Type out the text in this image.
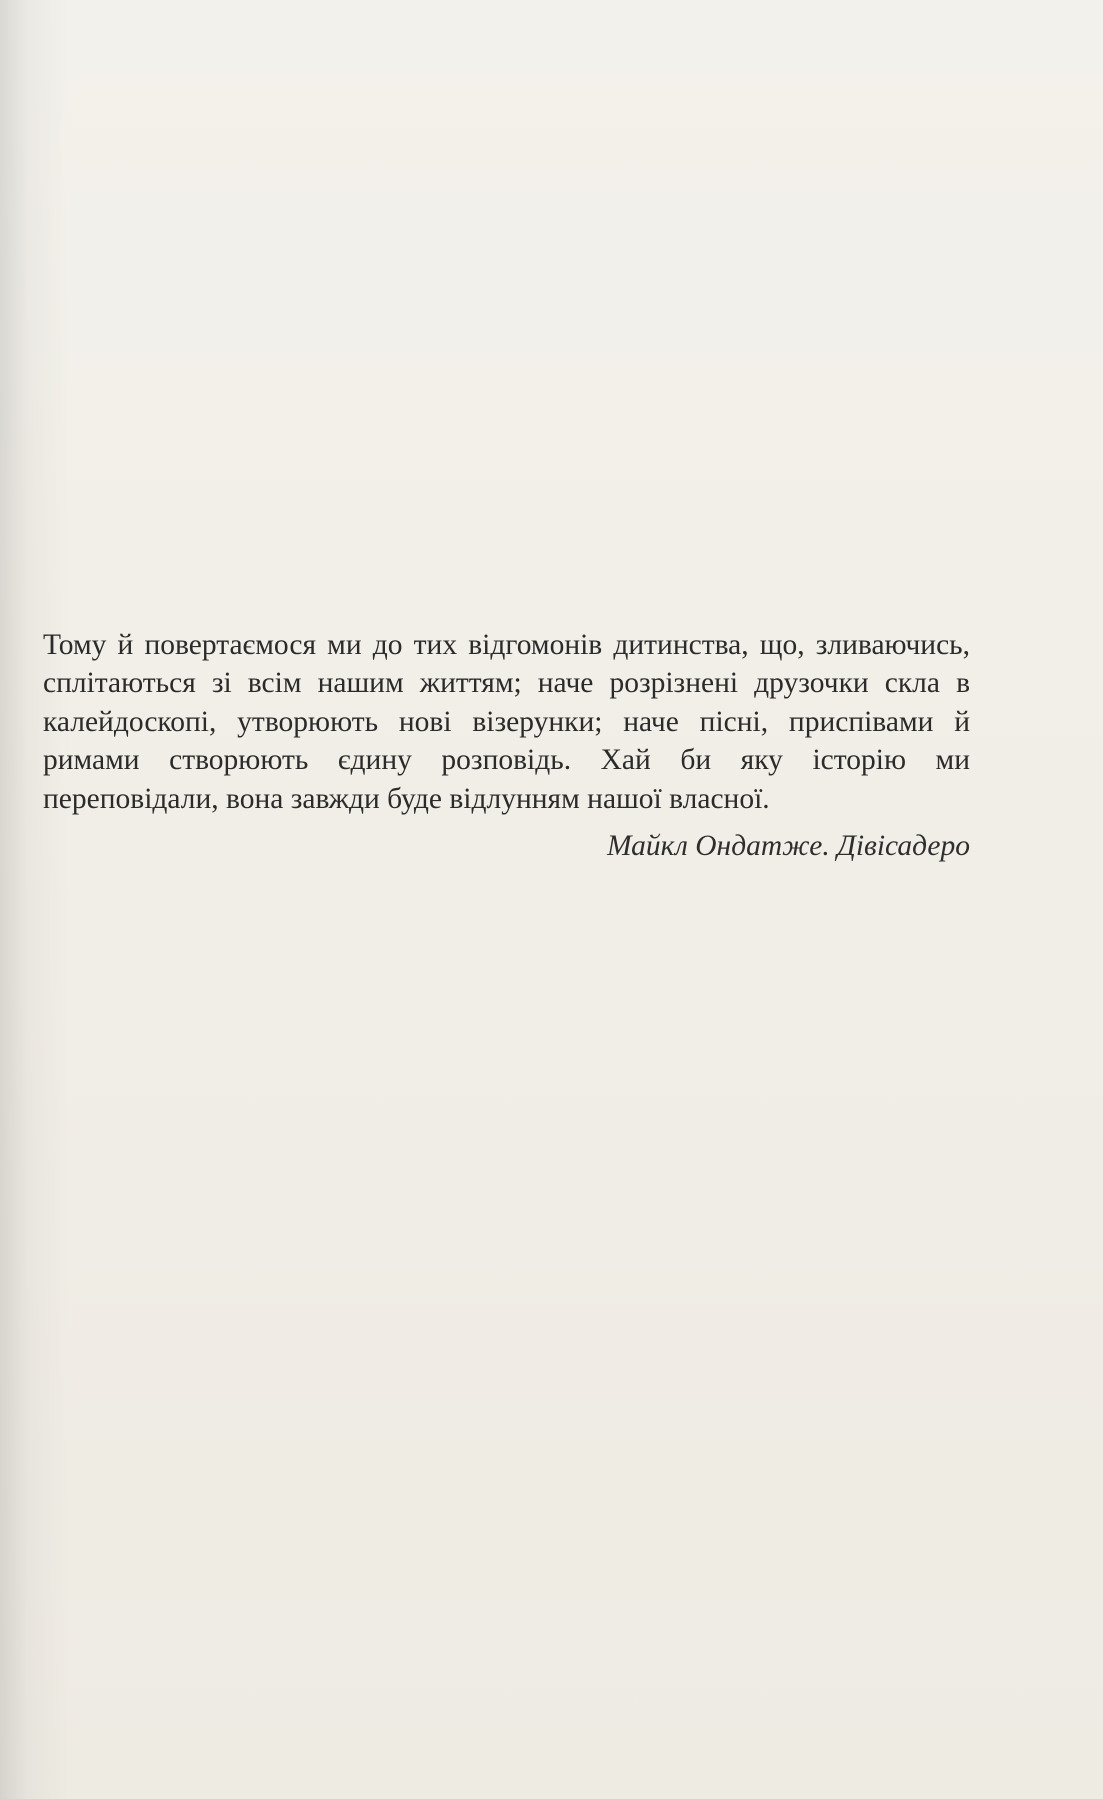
Тому й повертаємося ми до тих відгомонів дитинства, що, зливаючись, сплітаються зі всім нашим життям; наче розрізнені друзочки скла в калейдоскопі, утворюють нові візерунки; наче пісні, приспівами й римами створюють єдину розповідь. Хай би яку історію ми переповідали, вона завжди буде відлунням нашої власної.

Майкл Ондатже. Дівісадеро
